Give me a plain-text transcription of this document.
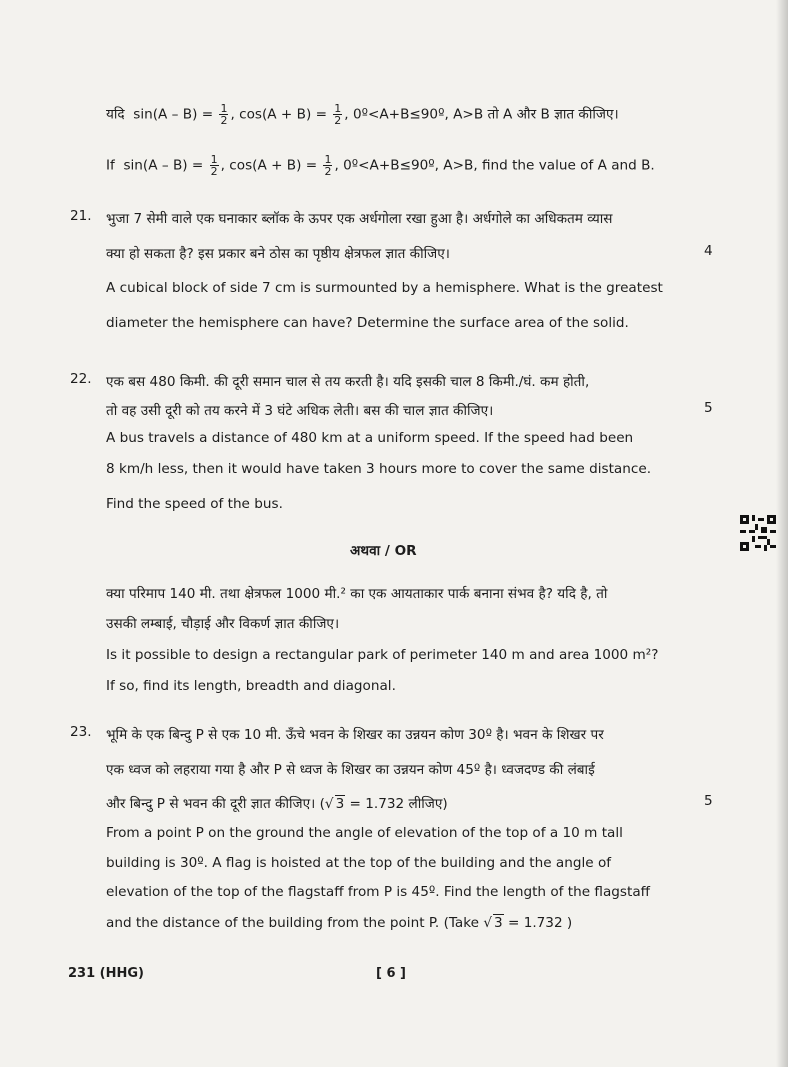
यदि $\sin(A - B) = \frac{1}{2}$ , $\cos(A + B) = \frac{1}{2}$ , 0º<A+B≤90º, A>B तो A और B ज्ञात कीजिए।
If $\sin(A - B) = \frac{1}{2}$ , $\cos(A + B) = \frac{1}{2}$ , 0º<A+B≤90º, A>B, find the value of A and B.
21. भुजा 7 सेमी वाले एक घनाकार ब्लॉक के ऊपर एक अर्धगोला रखा हुआ है। अर्धगोले का अधिकतम व्यास
क्या हो सकता है? इस प्रकार बने ठोस का पृष्ठीय क्षेत्रफल ज्ञात कीजिए।	4
A cubical block of side 7 cm is surmounted by a hemisphere. What is the greatest
diameter the hemisphere can have? Determine the surface area of the solid.
22. एक बस 480 किमी. की दूरी समान चाल से तय करती है। यदि इसकी चाल 8 किमी./घं. कम होती,
तो वह उसी दूरी को तय करने में 3 घंटे अधिक लेती। बस की चाल ज्ञात कीजिए।	5
A bus travels a distance of 480 km at a uniform speed. If the speed had been
8 km/h less, then it would have taken 3 hours more to cover the same distance.
Find the speed of the bus.
अथवा / OR
क्या परिमाप 140 मी. तथा क्षेत्रफल 1000 मी.² का एक आयताकार पार्क बनाना संभव है? यदि है, तो
उसकी लम्बाई, चौड़ाई और विकर्ण ज्ञात कीजिए।
Is it possible to design a rectangular park of perimeter 140 m and area 1000 m²?
If so, find its length, breadth and diagonal.
23. भूमि के एक बिन्दु P से एक 10 मी. ऊँचे भवन के शिखर का उन्नयन कोण 30º है। भवन के शिखर पर
एक ध्वज को लहराया गया है और P से ध्वज के शिखर का उन्नयन कोण 45º है। ध्वजदण्ड की लंबाई
और बिन्दु P से भवन की दूरी ज्ञात कीजिए। (√ 3 = 1.732 लीजिए)	5
From a point P on the ground the angle of elevation of the top of a 10 m tall
building is 30º. A flag is hoisted at the top of the building and the angle of
elevation of the top of the flagstaff from P is 45º. Find the length of the flagstaff
and the distance of the building from the point P. (Take √ 3 = 1.732 )
231 (HHG)	[ 6 ]
